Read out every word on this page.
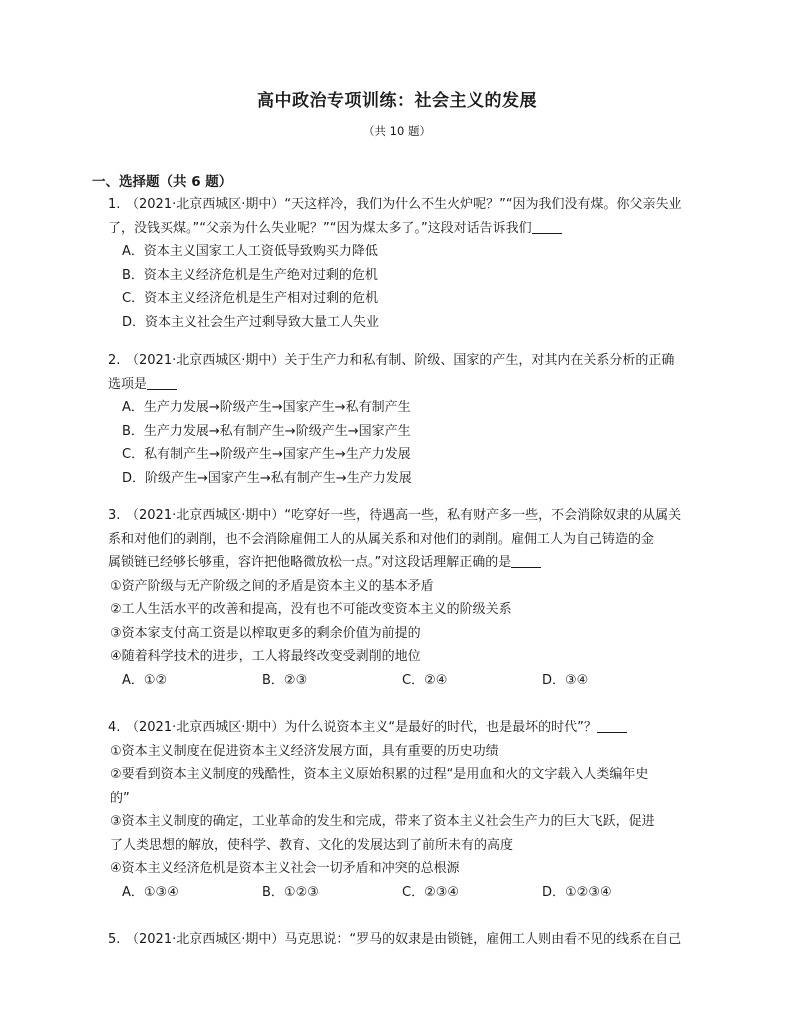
高中政治专项训练：社会主义的发展
（共 10 题）
一、选择题（共 6 题）

1. （2021·北京西城区·期中）“天这样冷，我们为什么不生火炉呢？”“因为我们没有煤。你父亲失业

了，没钱买煤。”“父亲为什么失业呢？”“因为煤太多了。”这段对话告诉我们

A．资本主义国家工人工资低导致购买力降低

B．资本主义经济危机是生产绝对过剩的危机

C．资本主义经济危机是生产相对过剩的危机

D．资本主义社会生产过剩导致大量工人失业

2. （2021·北京西城区·期中）关于生产力和私有制、阶级、国家的产生，对其内在关系分析的正确

选项是

A．生产力发展→阶级产生→国家产生→私有制产生

B．生产力发展→私有制产生→阶级产生→国家产生

C．私有制产生→阶级产生→国家产生→生产力发展

D．阶级产生→国家产生→私有制产生→生产力发展

3. （2021·北京西城区·期中）“吃穿好一些，待遇高一些，私有财产多一些，不会消除奴隶的从属关

系和对他们的剥削，也不会消除雇佣工人的从属关系和对他们的剥削。雇佣工人为自己铸造的金

属锁链已经够长够重，容许把他略微放松一点。”对这段话理解正确的是

①资产阶级与无产阶级之间的矛盾是资本主义的基本矛盾

②工人生活水平的改善和提高，没有也不可能改变资本主义的阶级关系

③资本家支付高工资是以榨取更多的剩余价值为前提的

④随着科学技术的进步，工人将最终改变受剥削的地位

A．①②	B．②③	C．②④	D．③④

4. （2021·北京西城区·期中）为什么说资本主义“是最好的时代，也是最坏的时代”？

①资本主义制度在促进资本主义经济发展方面，具有重要的历史功绩

②要看到资本主义制度的残酷性，资本主义原始积累的过程“是用血和火的文字载入人类编年史

的”

③资本主义制度的确定，工业革命的发生和完成，带来了资本主义社会生产力的巨大飞跃，促进

了人类思想的解放，使科学、教育、文化的发展达到了前所未有的高度

④资本主义经济危机是资本主义社会一切矛盾和冲突的总根源

A．①③④	B．①②③	C．②③④	D．①②③④

5. （2021·北京西城区·期中）马克思说：“罗马的奴隶是由锁链，雇佣工人则由看不见的线系在自己
